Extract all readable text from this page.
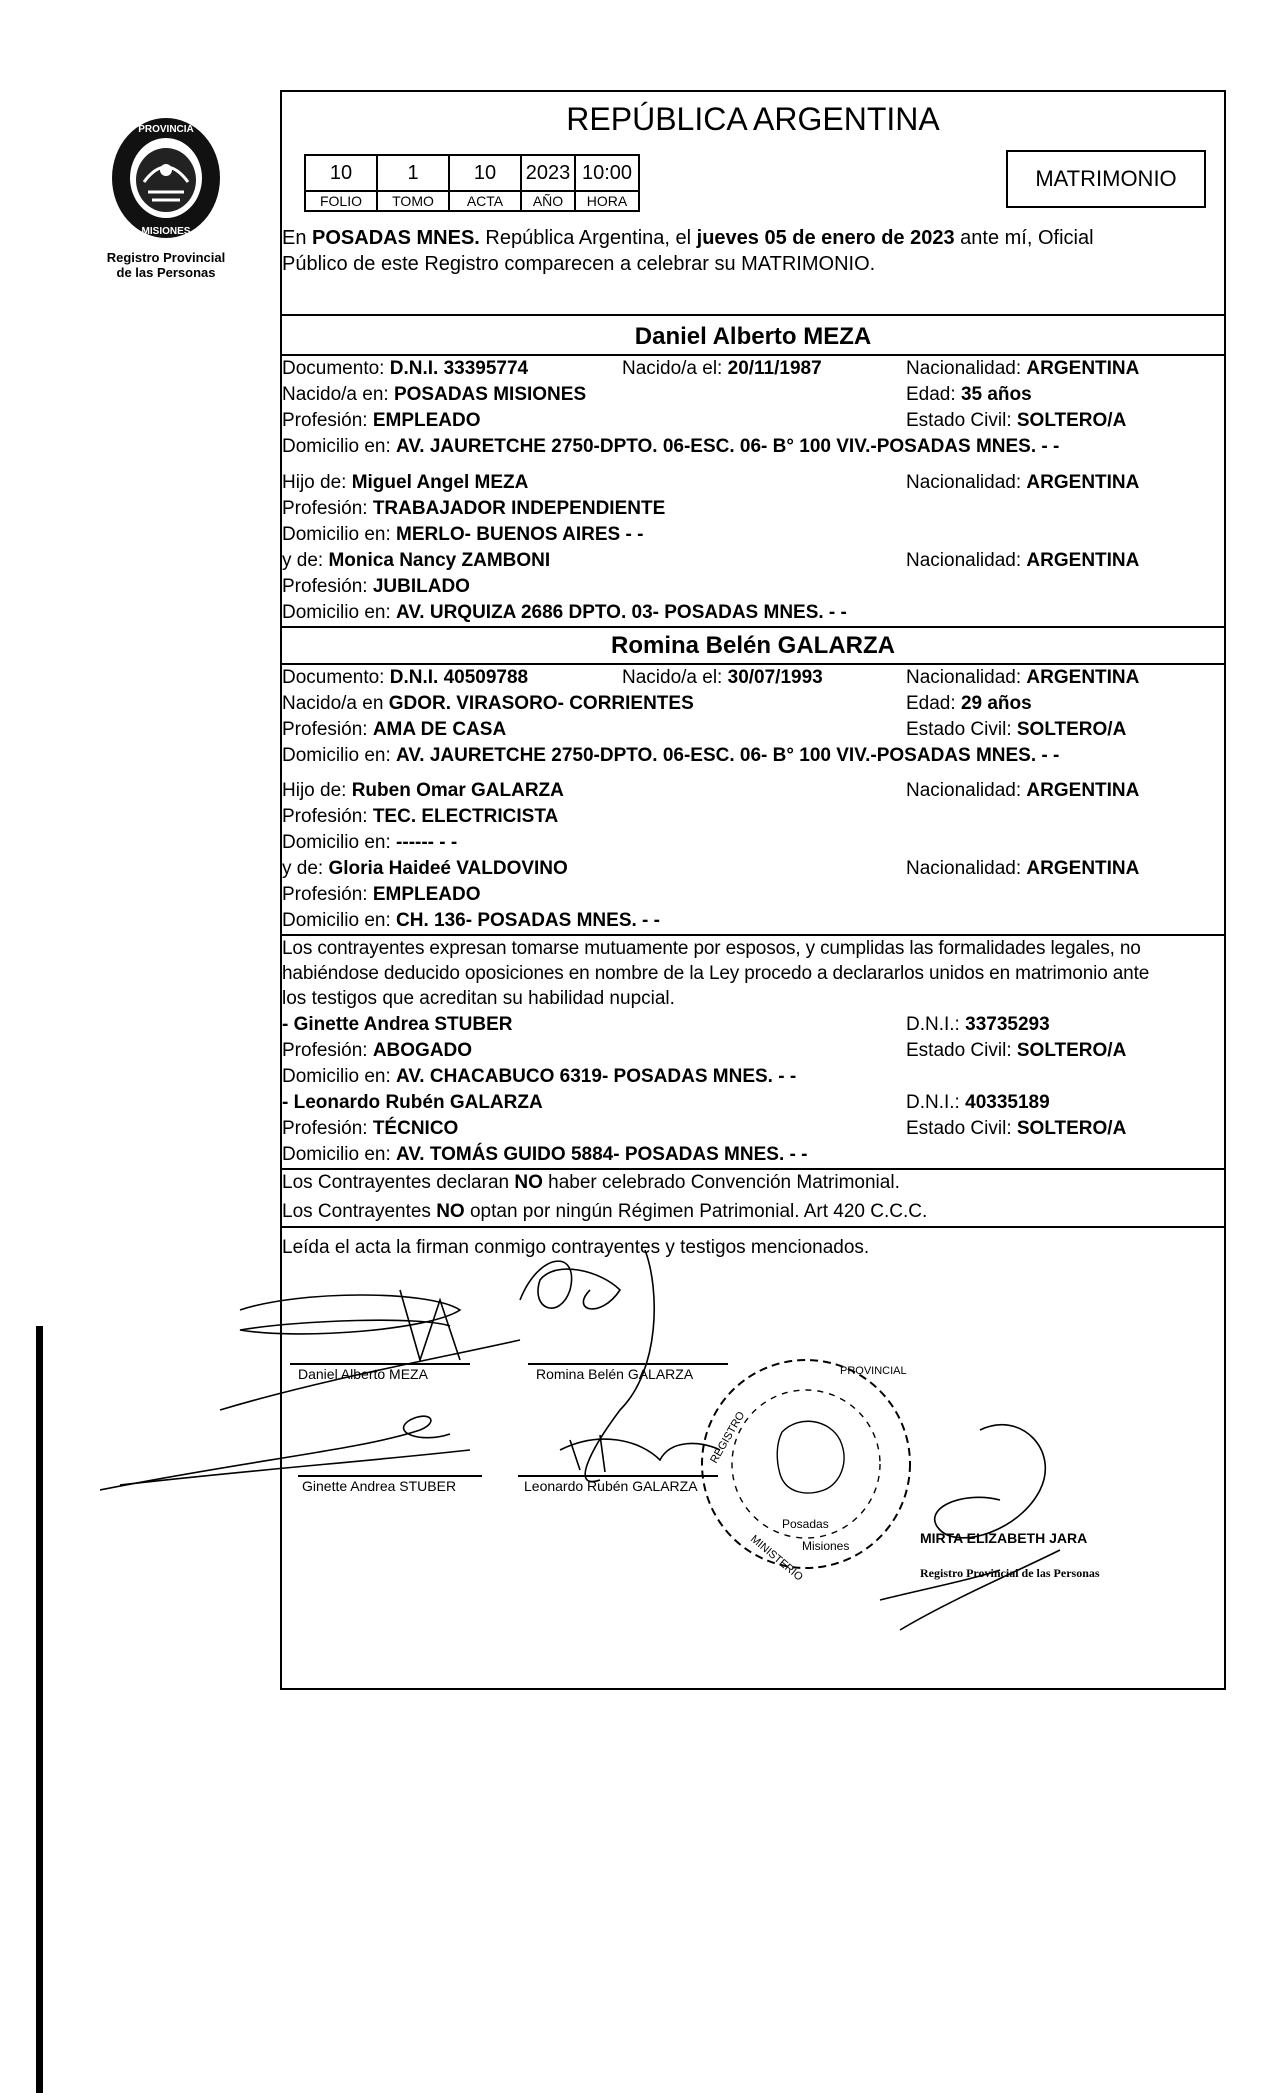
PROVINCIA
MISIONES
Registro Provincial
de las Personas
REPÚBLICA ARGENTINA
10	1	10	2023	10:00
FOLIO	TOMO	ACTA	AÑO	HORA
MATRIMONIO
En POSADAS MNES. República Argentina, el jueves 05 de enero de 2023 ante mí, Oficial
Público de este Registro comparecen a celebrar su MATRIMONIO.
Daniel Alberto MEZA
Documento: D.N.I. 33395774	Nacido/a el: 20/11/1987	Nacionalidad: ARGENTINA
Nacido/a en: POSADAS MISIONES	Edad: 35 años
Profesión: EMPLEADO	Estado Civil: SOLTERO/A
Domicilio en: AV. JAURETCHE 2750-DPTO. 06-ESC. 06- B° 100 VIV.-POSADAS MNES. - -
Hijo de: Miguel Angel MEZA	Nacionalidad: ARGENTINA
Profesión: TRABAJADOR INDEPENDIENTE
Domicilio en: MERLO- BUENOS AIRES - -
y de: Monica Nancy ZAMBONI	Nacionalidad: ARGENTINA
Profesión: JUBILADO
Domicilio en: AV. URQUIZA 2686 DPTO. 03- POSADAS MNES. - -
Romina Belén GALARZA
Documento: D.N.I. 40509788	Nacido/a el: 30/07/1993	Nacionalidad: ARGENTINA
Nacido/a en GDOR. VIRASORO- CORRIENTES	Edad: 29 años
Profesión: AMA DE CASA	Estado Civil: SOLTERO/A
Domicilio en: AV. JAURETCHE 2750-DPTO. 06-ESC. 06- B° 100 VIV.-POSADAS MNES. - -
Hijo de: Ruben Omar GALARZA	Nacionalidad: ARGENTINA
Profesión: TEC. ELECTRICISTA
Domicilio en: ------ - -
y de: Gloria Haideé VALDOVINO	Nacionalidad: ARGENTINA
Profesión: EMPLEADO
Domicilio en: CH. 136- POSADAS MNES. - -
Los contrayentes expresan tomarse mutuamente por esposos, y cumplidas las formalidades legales, no
habiéndose deducido oposiciones en nombre de la Ley procedo a declararlos unidos en matrimonio ante
los testigos que acreditan su habilidad nupcial.
- Ginette Andrea STUBER	D.N.I.: 33735293
Profesión: ABOGADO	Estado Civil: SOLTERO/A
Domicilio en: AV. CHACABUCO 6319- POSADAS MNES. - -
- Leonardo Rubén GALARZA	D.N.I.: 40335189
Profesión: TÉCNICO	Estado Civil: SOLTERO/A
Domicilio en: AV. TOMÁS GUIDO 5884- POSADAS MNES. - -
Los Contrayentes declaran NO haber celebrado Convención Matrimonial.
Los Contrayentes NO optan por ningún Régimen Patrimonial. Art 420 C.C.C.
Leída el acta la firman conmigo contrayentes y testigos mencionados.
Daniel Alberto MEZA	Romina Belén GALARZA
Ginette Andrea STUBER	Leonardo Rubén GALARZA
MIRTA ELIZABETH JARA
Registro Provincial de las Personas
REGISTRO
PROVINCIAL
MINISTERIO
Posadas
Misiones
